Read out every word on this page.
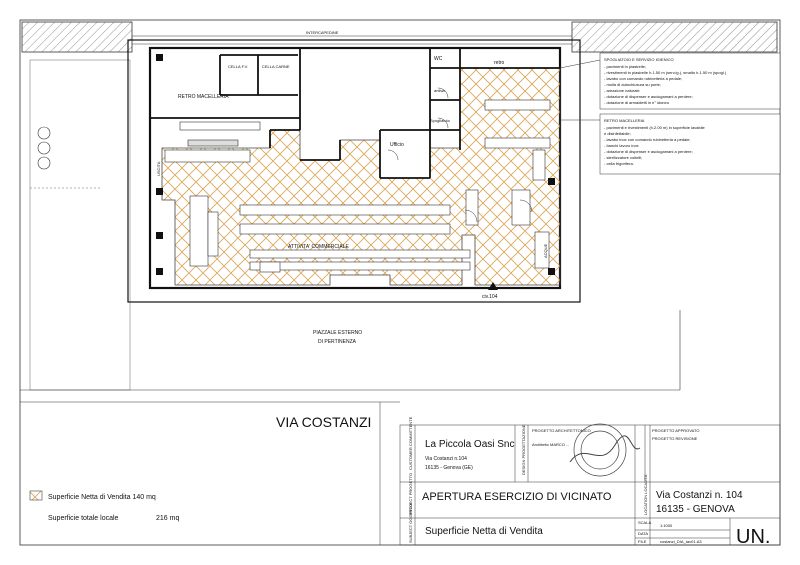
INTERCAPEDINE
RETRO MACELLERIA
CELLA F.V.	CELLA CARNE
WC
antiwc
retro
Spogliatoio
Ufficio
ATTIVITA' COMMERCIALE
USCITA
ACQUE
civ.104
PIAZZALE ESTERNO
DI PERTINENZA
VIA COSTANZI
SPOGLIATOIO E SERVIZIO IGIENICO
- pavimenti in piastrelle;
- rivestimenti in piastrelle h.1.50 m (serv.ig.), smalto h.1.50 m (spogl.)
- lavabo con comando rubinetteria a pedale;
- molla di autochiusura su porte;
- areazione naturale
- dotazione di dispenser e asciugamani a perdere;
- dotazione di armadietti in n° idoneo
RETRO MACELLERIA
- pavimenti e rivestimenti (h.2.00 m) in superficie lavabile
e disinfettabile;
- lavabo inox con comando rubinetteria a pedale;
- banchi lavoro inox
- dotazione di dispenser e asciugamani a perdere;
- sterilizzatore coltelli;
- cella frigorifera.
Superficie Netta di Vendita 140 mq
Superficie totale locale	216 mq
CUSTOMER COMMITTENTE	DESIGN PROGETTAZIONE
PROJECT PROGETTO	LOCATION LOCALITA'
SUBJECT OGGETTO
PROGETTO ARCHITETTONICO	PROGETTO APPROVATO
PROGETTO REVISIONE
SCALA
DATA
FILE
La Piccola Oasi Snc
Via Costanzi n.104
16135 - Genova (GE)
Architetto MARCO ...
APERTURA ESERCIZIO DI VICINATO	Via Costanzi n. 104
16135 - GENOVA
Superficie Netta di Vendita
1:1000
costanzi_DIA_tav01.A3 UN.
